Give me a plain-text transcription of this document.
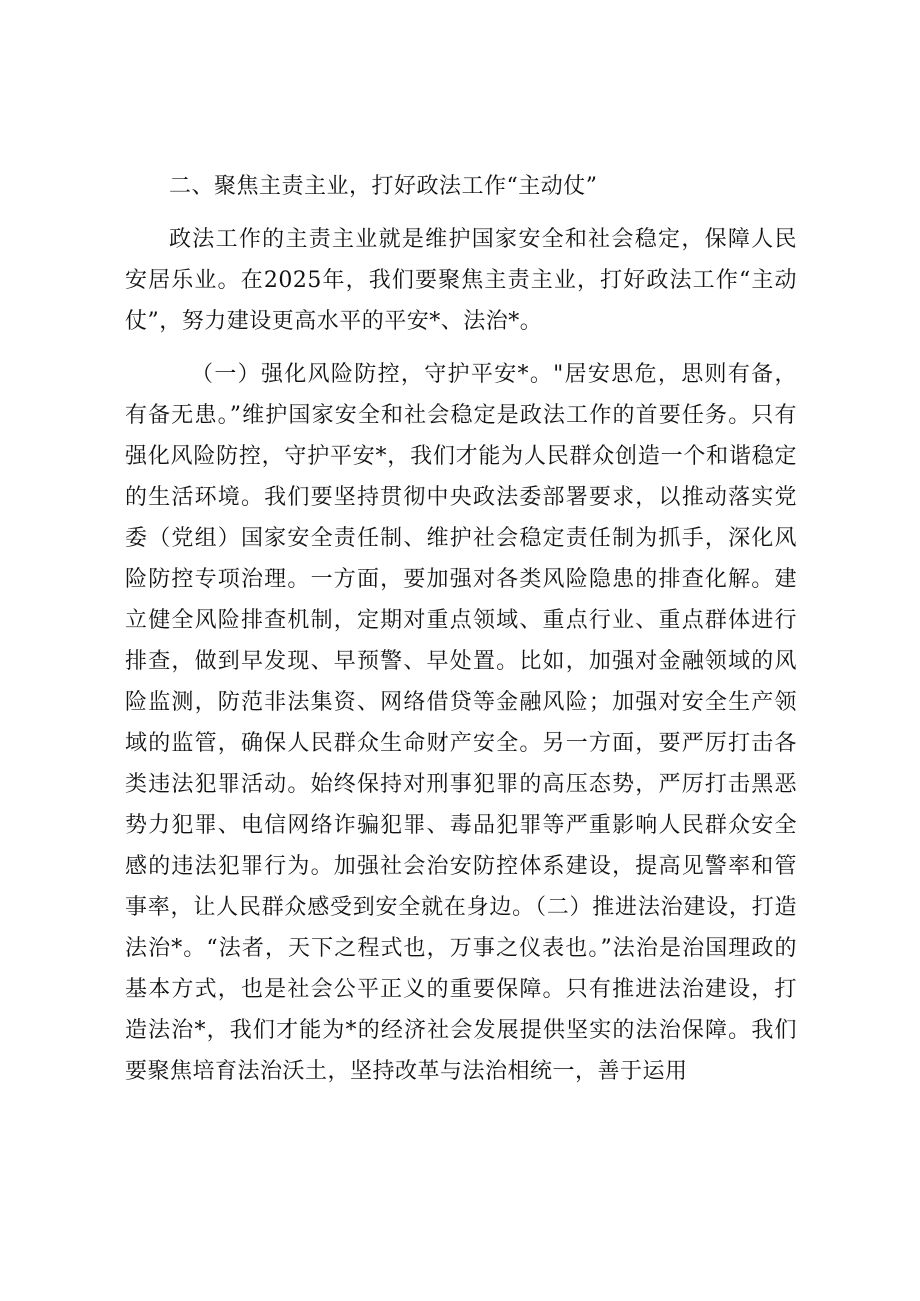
二、聚焦主责主业，打好政法工作“主动仗”

政法工作的主责主业就是维护国家安全和社会稳定，保障人民安居乐业。在2025年，我们要聚焦主责主业，打好政法工作“主动仗”，努力建设更高水平的平安*、法治*。

（一）强化风险防控，守护平安*。"居安思危，思则有备，有备无患。”维护国家安全和社会稳定是政法工作的首要任务。只有强化风险防控，守护平安*，我们才能为人民群众创造一个和谐稳定的生活环境。我们要坚持贯彻中央政法委部署要求，以推动落实党委（党组）国家安全责任制、维护社会稳定责任制为抓手，深化风险防控专项治理。一方面，要加强对各类风险隐患的排查化解。建立健全风险排查机制，定期对重点领域、重点行业、重点群体进行排查，做到早发现、早预警、早处置。比如，加强对金融领域的风险监测，防范非法集资、网络借贷等金融风险；加强对安全生产领域的监管，确保人民群众生命财产安全。另一方面，要严厉打击各类违法犯罪活动。始终保持对刑事犯罪的高压态势，严厉打击黑恶势力犯罪、电信网络诈骗犯罪、毒品犯罪等严重影响人民群众安全感的违法犯罪行为。加强社会治安防控体系建设，提高见警率和管事率，让人民群众感受到安全就在身边。（二）推进法治建设，打造法治*。“法者，天下之程式也，万事之仪表也。”法治是治国理政的基本方式，也是社会公平正义的重要保障。只有推进法治建设，打造法治*，我们才能为*的经济社会发展提供坚实的法治保障。我们要聚焦培育法治沃土，坚持改革与法治相统一，善于运用
